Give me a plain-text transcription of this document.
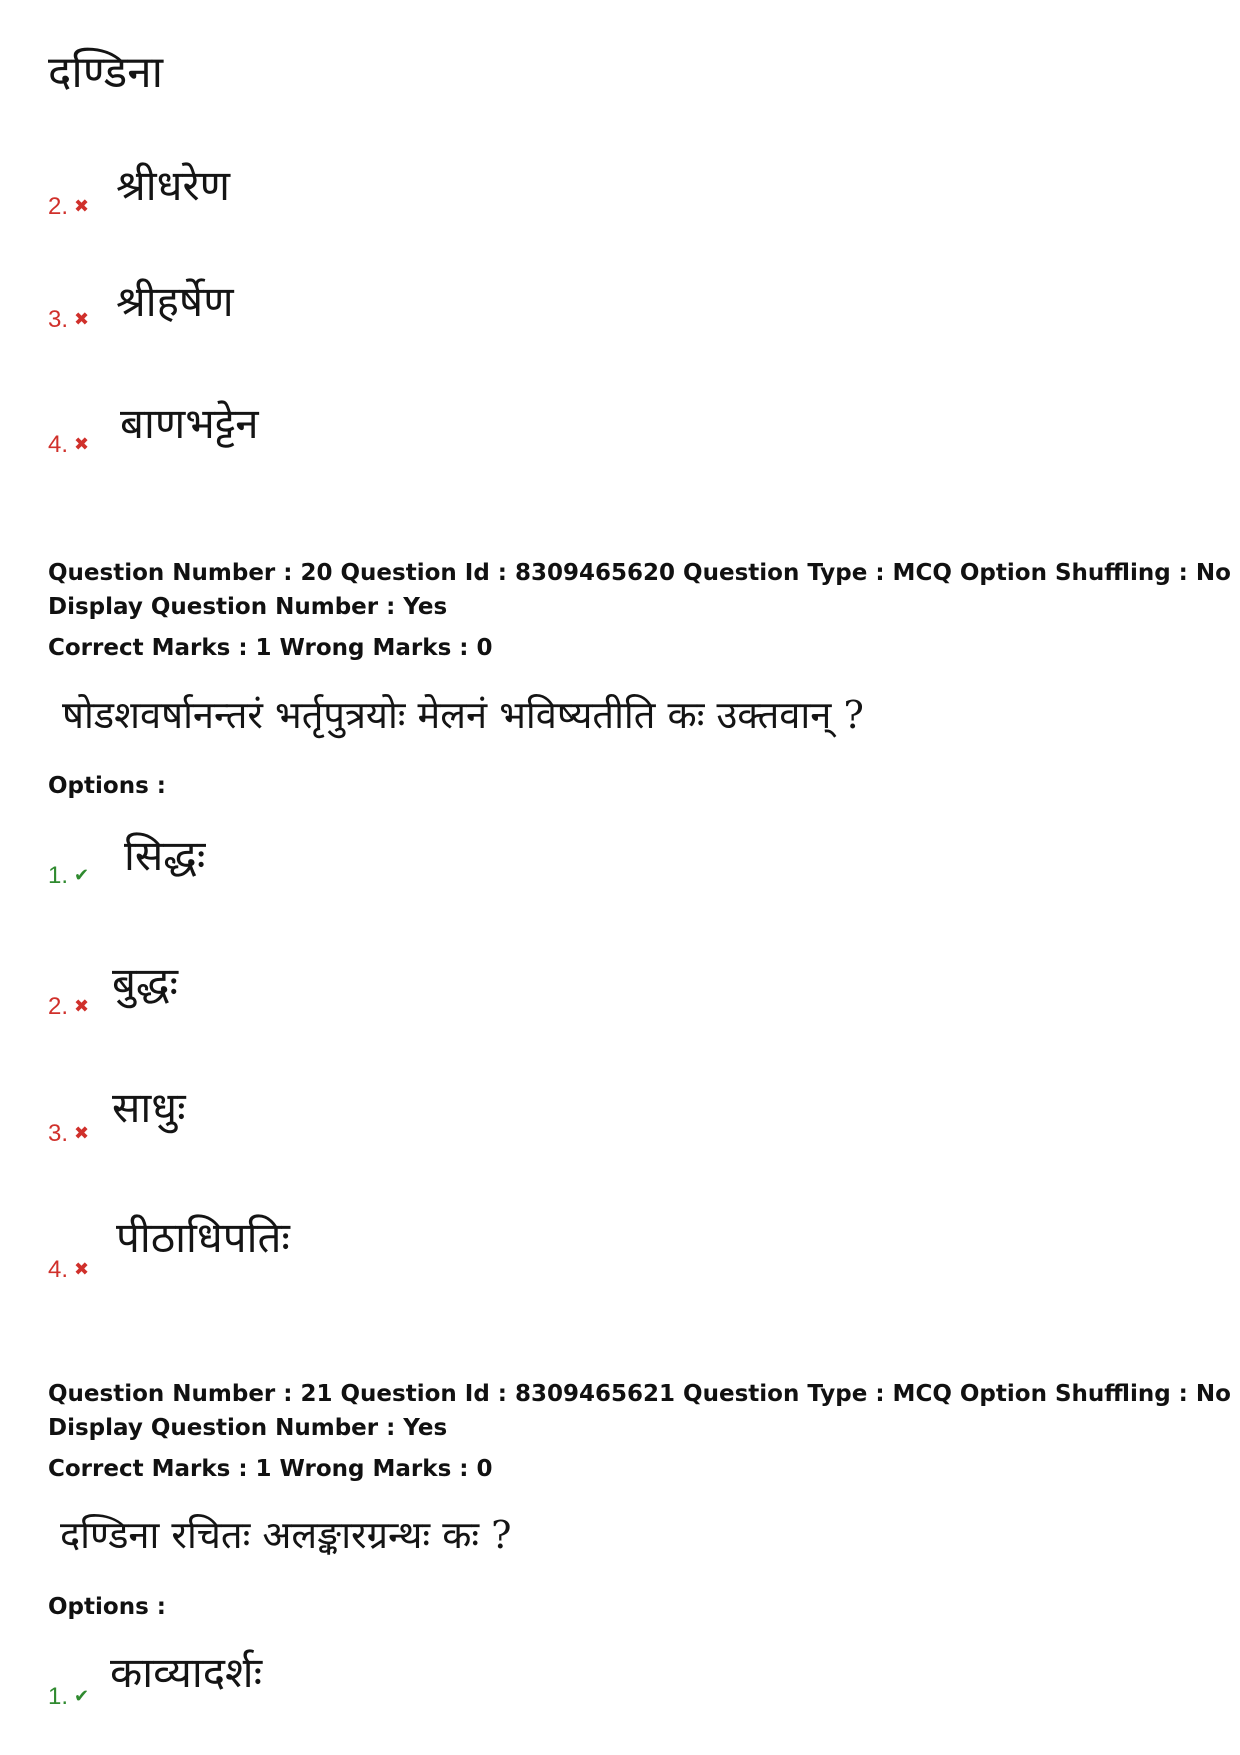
दण्डिना
2. ✖ श्रीधरेण
3. ✖ श्रीहर्षेण
4. ✖ बाणभट्टेन
Question Number : 20 Question Id : 8309465620 Question Type : MCQ Option Shuffling : No
Display Question Number : Yes
Correct Marks : 1 Wrong Marks : 0
षोडशवर्षानन्तरं भर्तृपुत्रयोः मेलनं भविष्यतीति कः उक्तवान् ?
Options :
1. ✔ सिद्धः
2. ✖ बुद्धः
3. ✖
साधुः
4. ✖
पीठाधिपतिः
Question Number : 21 Question Id : 8309465621 Question Type : MCQ Option Shuffling : No
Display Question Number : Yes
Correct Marks : 1 Wrong Marks : 0
दण्डिना रचितः अलङ्कारग्रन्थः कः ?
Options :
1. ✔ काव्यादर्शः
